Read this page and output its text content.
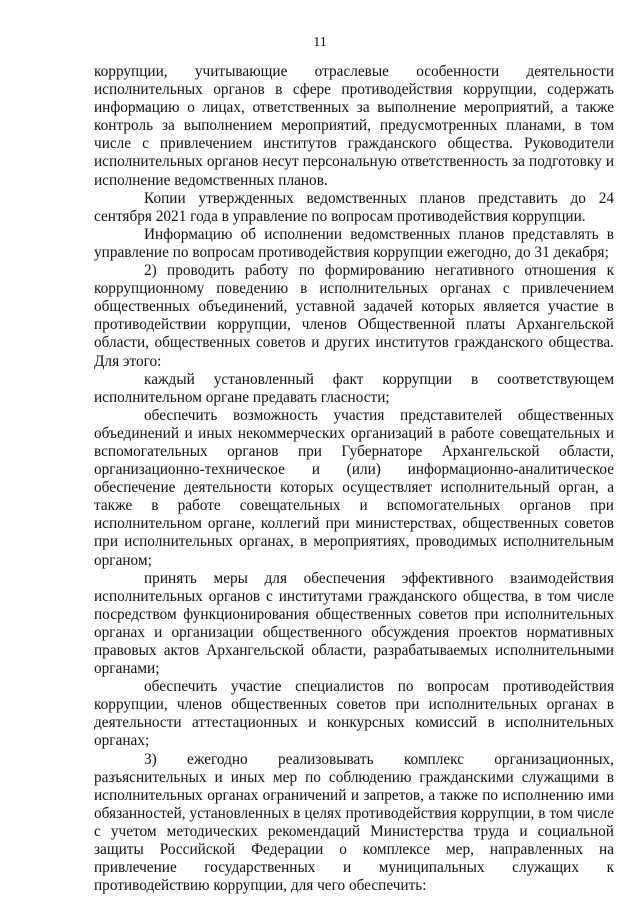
11

коррупции, учитывающие отраслевые особенности деятельности исполнительных органов в сфере противодействия коррупции, содержать информацию о лицах, ответственных за выполнение мероприятий, а также контроль за выполнением мероприятий, предусмотренных планами, в том числе с привлечением институтов гражданского общества. Руководители исполнительных органов несут персональную ответственность за подготовку и исполнение ведомственных планов.

Копии утвержденных ведомственных планов представить до 24 сентября 2021 года в управление по вопросам противодействия коррупции.

Информацию об исполнении ведомственных планов представлять в управление по вопросам противодействия коррупции ежегодно, до 31 декабря;

2) проводить работу по формированию негативного отношения к коррупционному поведению в исполнительных органах с привлечением общественных объединений, уставной задачей которых является участие в противодействии коррупции, членов Общественной платы Архангельской области, общественных советов и других институтов гражданского общества. Для этого:

каждый установленный факт коррупции в соответствующем исполнительном органе предавать гласности;

обеспечить возможность участия представителей общественных объединений и иных некоммерческих организаций в работе совещательных и вспомогательных органов при Губернаторе Архангельской области, организационно-техническое и (или) информационно-аналитическое обеспечение деятельности которых осуществляет исполнительный орган, а также в работе совещательных и вспомогательных органов при исполнительном органе, коллегий при министерствах, общественных советов при исполнительных органах, в мероприятиях, проводимых исполнительным органом;

принять меры для обеспечения эффективного взаимодействия исполнительных органов с институтами гражданского общества, в том числе посредством функционирования общественных советов при исполнительных органах и организации общественного обсуждения проектов нормативных правовых актов Архангельской области, разрабатываемых исполнительными органами;

обеспечить участие специалистов по вопросам противодействия коррупции, членов общественных советов при исполнительных органах в деятельности аттестационных и конкурсных комиссий в исполнительных органах;

3) ежегодно реализовывать комплекс организационных, разъяснительных и иных мер по соблюдению гражданскими служащими в исполнительных органах ограничений и запретов, а также по исполнению ими обязанностей, установленных в целях противодействия коррупции, в том числе с учетом методических рекомендаций Министерства труда и социальной защиты Российской Федерации о комплексе мер, направленных на привлечение государственных и муниципальных служащих к противодействию коррупции, для чего обеспечить:
